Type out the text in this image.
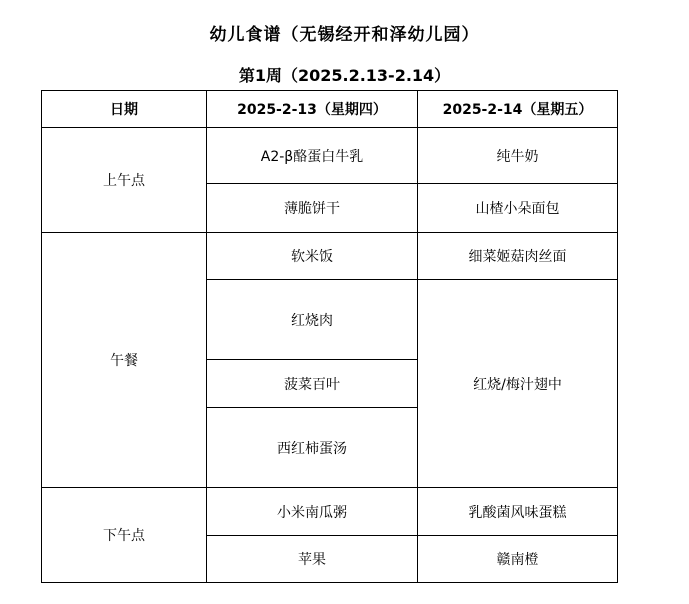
幼儿食谱（无锡经开和泽幼儿园）
第1周（2025.2.13-2.14）
日期	2025-2-13（星期四）	2025-2-14（星期五）
上午点	A2-β酪蛋白牛乳	纯牛奶
	薄脆饼干	山楂小朵面包
午餐	软米饭	细菜姬菇肉丝面
	红烧肉	红烧/梅汁翅中
	菠菜百叶	
	西红柿蛋汤	
下午点	小米南瓜粥	乳酸菌风味蛋糕
	苹果	赣南橙
